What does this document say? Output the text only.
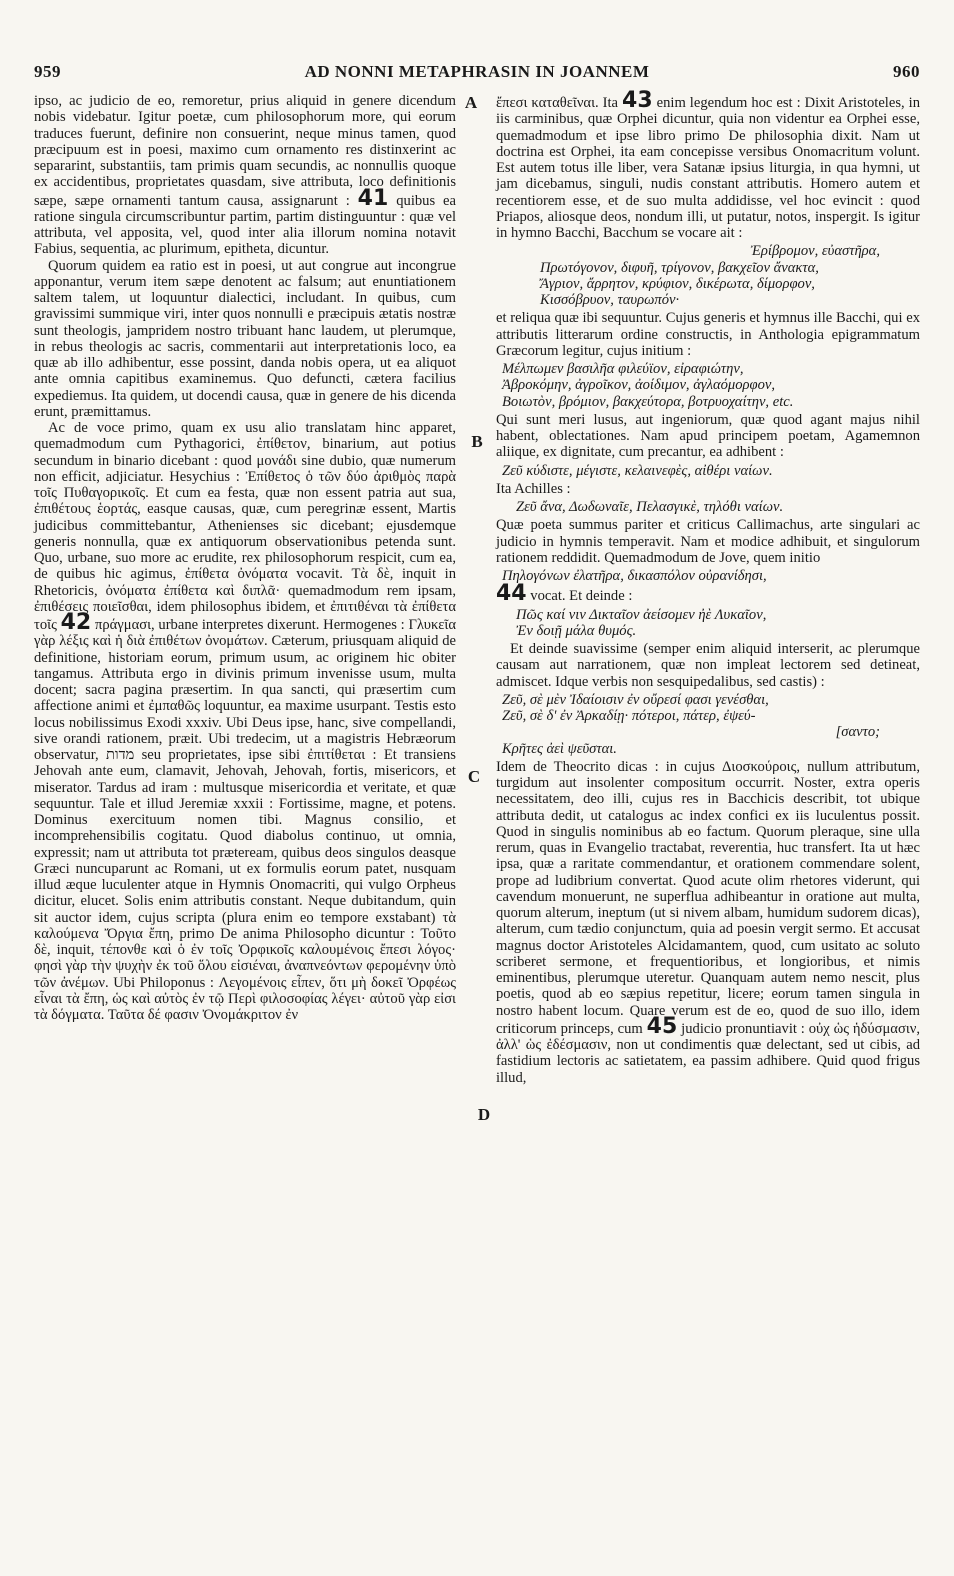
959	AD NONNI METAPHRASIN IN JOANNEM	960
A
B
C
D

ipso, ac judicio de eo, remoretur, prius aliquid in genere dicendum nobis videbatur. Igitur poetæ, cum philosophorum more, qui eorum traduces fuerunt, definire non consuerint, neque minus tamen, quod præcipuum est in poesi, maximo cum ornamento res distinxerint ac separarint, substantiis, tam primis quam secundis, ac nonnullis quoque ex accidentibus, proprietates quasdam, sive attributa, loco definitionis sæpe, sæpe ornamenti tantum causa, assignarunt : 41 quibus ea ratione singula circumscribuntur partim, partim distinguuntur : quæ vel attributa, vel apposita, vel, quod inter alia illorum nomina notavit Fabius, sequentia, ac plurimum, epitheta, dicuntur.

Quorum quidem ea ratio est in poesi, ut aut congrue aut incongrue apponantur, verum item sæpe denotent ac falsum; aut enuntiationem saltem talem, ut loquuntur dialectici, includant. In quibus, cum gravissimi summique viri, inter quos nonnulli e præcipuis ætatis nostræ sunt theologis, jampridem nostro tribuant hanc laudem, ut plerumque, in rebus theologis ac sacris, commentarii aut interpretationis loco, ea quæ ab illo adhibentur, esse possint, danda nobis opera, ut ea aliquot ante omnia capitibus examinemus. Quo defuncti, cætera facilius expediemus. Ita quidem, ut docendi causa, quæ in genere de his dicenda erunt, præmittamus.

Ac de voce primo, quam ex usu alio translatam hinc apparet, quemadmodum cum Pythagorici, ἐπίθετον, binarium, aut potius secundum in binario dicebant : quod μονάδι sine dubio, quæ numerum non efficit, adjiciatur. Hesychius : Ἐπίθετος ὁ τῶν δύο ἀριθμὸς παρὰ τοῖς Πυθαγορικοῖς. Et cum ea festa, quæ non essent patria aut sua, ἐπιθέτους ἑορτάς, easque causas, quæ, cum peregrinæ essent, Martis judicibus committebantur, Athenienses sic dicebant; ejusdemque generis nonnulla, quæ ex antiquorum observationibus petenda sunt. Quo, urbane, suo more ac erudite, rex philosophorum respicit, cum ea, de quibus hic agimus, ἐπίθετα ὀνόματα vocavit. Τὰ δὲ, inquit in Rhetoricis, ὀνόματα ἐπίθετα καὶ διπλᾶ· quemadmodum rem ipsam, ἐπιθέσεις ποιεῖσθαι, idem philosophus ibidem, et ἐπιτιθέναι τὰ ἐπίθετα τοῖς 42 πράγμασι, urbane interpretes dixerunt. Hermogenes : Γλυκεῖα γὰρ λέξις καὶ ἡ διὰ ἐπιθέτων ὀνομάτων. Cæterum, priusquam aliquid de definitione, historiam eorum, primum usum, ac originem hic obiter tangamus. Attributa ergo in divinis primum invenisse usum, multa docent; sacra pagina præsertim. In qua sancti, qui præsertim cum affectione animi et ἐμπαθῶς loquuntur, ea maxime usurpant. Testis esto locus nobilissimus Exodi xxxiv. Ubi Deus ipse, hanc, sive compellandi, sive orandi rationem, præit. Ubi tredecim, ut a magistris Hebræorum observatur, מדות seu proprietates, ipse sibi ἐπιτίθεται : Et transiens Jehovah ante eum, clamavit, Jehovah, Jehovah, fortis, misericors, et miserator. Tardus ad iram : multusque misericordia et veritate, et quæ sequuntur. Tale et illud Jeremiæ xxxii : Fortissime, magne, et potens. Dominus exercituum nomen tibi. Magnus consilio, et incomprehensibilis cogitatu. Quod diabolus continuo, ut omnia, expressit; nam ut attributa tot præteream, quibus deos singulos deasque Græci nuncuparunt ac Romani, ut ex formulis eorum patet, nusquam illud æque luculenter atque in Hymnis Onomacriti, qui vulgo Orpheus dicitur, elucet. Solis enim attributis constant. Neque dubitandum, quin sit auctor idem, cujus scripta (plura enim eo tempore exstabant) τὰ καλούμενα Ὄργια ἔπη, primo De anima Philosopho dicuntur : Τοῦτο δὲ, inquit, τέπονθε καὶ ὁ ἐν τοῖς Ὀρφικοῖς καλουμένοις ἔπεσι λόγος· φησὶ γὰρ τὴν ψυχὴν ἐκ τοῦ ὅλου εἰσιέναι, ἀναπνεόντων φερομένην ὑπὸ τῶν ἀνέμων. Ubi Philoponus : Λεγομένοις εἶπεν, ὅτι μὴ δοκεῖ Ὀρφέως εἶναι τὰ ἔπη, ὡς καὶ αὐτὸς ἐν τῷ Περὶ φιλοσοφίας λέγει· αὐτοῦ γὰρ εἰσι τὰ δόγματα. Ταῦτα δέ φασιν Ὀνομάκριτον ἐν

ἔπεσι καταθεῖναι. Ita 43 enim legendum hoc est : Dixit Aristoteles, in iis carminibus, quæ Orphei dicuntur, quia non videntur ea Orphei esse, quemadmodum et ipse libro primo De philosophia dixit. Nam ut doctrina est Orphei, ita eam concepisse versibus Onomacritum volunt. Est autem totus ille liber, vera Satanæ ipsius liturgia, in qua hymni, ut jam dicebamus, singuli, nudis constant attributis. Homero autem et recentiorem esse, et de suo multa addidisse, vel hoc evincit : quod Priapos, aliosque deos, nondum illi, ut putatur, notos, inspergit. Is igitur in hymno Bacchi, Bacchum se vocare ait :

Ἐρίβρομον, εὐαστῆρα,
Πρωτόγονον, διφυῆ, τρίγονον, βακχεῖον ἄνακτα,
Ἄγριον, ἄρρητον, κρύφιον, δικέρωτα, δίμορφον,
Κισσόβρυον, ταυρωπόν·

et reliqua quæ ibi sequuntur. Cujus generis et hymnus ille Bacchi, qui ex attributis litterarum ordine constructis, in Anthologia epigrammatum Græcorum legitur, cujus initium :

Μέλπωμεν βασιλῆα φιλεύϊον, εἰραφιώτην,
Ἀβροκόμην, ἀγροῖκον, ἀοίδιμον, ἀγλαόμορφον,
Βοιωτὸν, βρόμιον, βακχεύτορα, βοτρυοχαίτην, etc.

Qui sunt meri lusus, aut ingeniorum, quæ quod agant majus nihil habent, oblectationes. Nam apud principem poetam, Agamemnon aliique, ex dignitate, cum precantur, ea adhibent :

Ζεῦ κύδιστε, μέγιστε, κελαινεφὲς, αἰθέρι ναίων.

Ita Achilles :

Ζεῦ ἄνα, Δωδωναῖε, Πελασγικὲ, τηλόθι ναίων.

Quæ poeta summus pariter et criticus Callimachus, arte singulari ac judicio in hymnis temperavit. Nam et modice adhibuit, et singulorum rationem reddidit. Quemadmodum de Jove, quem initio

Πηλογόνων ἐλατῆρα, δικασπόλον οὐρανίδησι,

44 vocat. Et deinde :

Πῶς καί νιν Δικταῖον ἀείσομεν ἠὲ Λυκαῖον,
Ἐν δοιῇ μάλα θυμός.

Et deinde suavissime (semper enim aliquid interserit, ac plerumque causam aut narrationem, quæ non impleat lectorem sed detineat, admiscet. Idque verbis non sesquipedalibus, sed castis) :

Ζεῦ, σὲ μὲν Ἰδαίοισιν ἐν οὔρεσί φασι γενέσθαι,
Ζεῦ, σὲ δ' ἐν Ἀρκαδίῃ· πότεροι, πάτερ, ἐψεύ-
[σαντο;
Κρῆτες ἀεὶ ψεῦσται.

Idem de Theocrito dicas : in cujus Διοσκούροις, nullum attributum, turgidum aut insolenter compositum occurrit. Noster, extra operis necessitatem, deo illi, cujus res in Bacchicis describit, tot ubique attributa dedit, ut catalogus ac index confici ex iis luculentus possit. Quod in singulis nominibus ab eo factum. Quorum pleraque, sine ulla rerum, quas in Evangelio tractabat, reverentia, huc transfert. Ita ut hæc ipsa, quæ a raritate commendantur, et orationem commendare solent, prope ad ludibrium convertat. Quod acute olim rhetores viderunt, qui cavendum monuerunt, ne superflua adhibeantur in oratione aut multa, quorum alterum, ineptum (ut si nivem albam, humidum sudorem dicas), alterum, cum tædio conjunctum, quia ad poesin vergit sermo. Et accusat magnus doctor Aristoteles Alcidamantem, quod, cum usitato ac soluto scriberet sermone, et frequentioribus, et longioribus, et nimis eminentibus, plerumque uteretur. Quanquam autem nemo nescit, plus poetis, quod ab eo sæpius repetitur, licere; eorum tamen singula in nostro habent locum. Quare verum est de eo, quod de suo illo, idem criticorum princeps, cum 45 judicio pronuntiavit : οὐχ ὡς ἡδύσμασιν, ἀλλ' ὡς ἐδέσμασιν, non ut condimentis quæ delectant, sed ut cibis, ad fastidium lectoris ac satietatem, ea passim adhibere. Quid quod frigus illud,
